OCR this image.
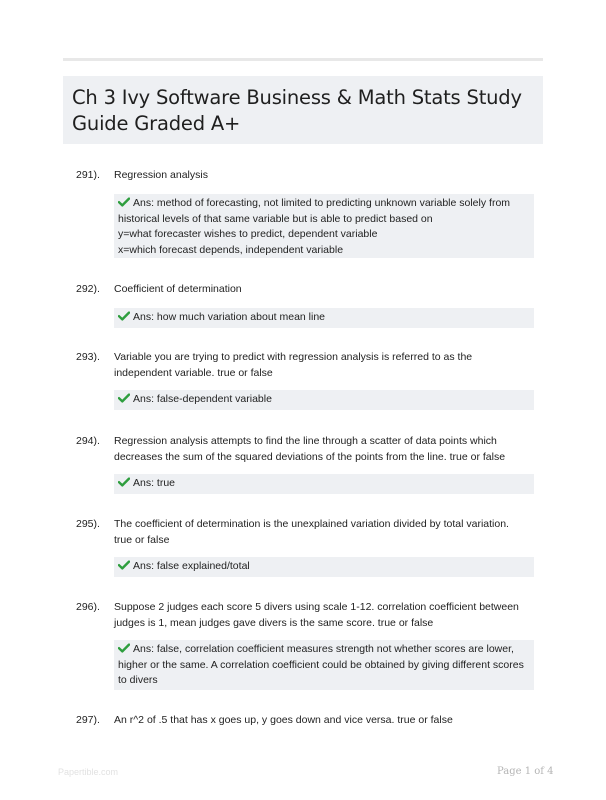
Ch 3 Ivy Software Business & Math Stats Study Guide Graded A+
291). Regression analysis
Ans: method of forecasting, not limited to predicting unknown variable solely from historical levels of that same variable but is able to predict based on
y=what forecaster wishes to predict, dependent variable
x=which forecast depends, independent variable
292). Coefficient of determination
Ans: how much variation about mean line
293). Variable you are trying to predict with regression analysis is referred to as the independent variable. true or false
Ans: false-dependent variable
294). Regression analysis attempts to find the line through a scatter of data points which decreases the sum of the squared deviations of the points from the line. true or false
Ans: true
295). The coefficient of determination is the unexplained variation divided by total variation. true or false
Ans: false explained/total
296). Suppose 2 judges each score 5 divers using scale 1-12. correlation coefficient between judges is 1, mean judges gave divers is the same score. true or false
Ans: false, correlation coefficient measures strength not whether scores are lower, higher or the same. A correlation coefficient could be obtained by giving different scores to divers
297). An r^2 of .5 that has x goes up, y goes down and vice versa. true or false
Papertible.com	Page 1 of 4
